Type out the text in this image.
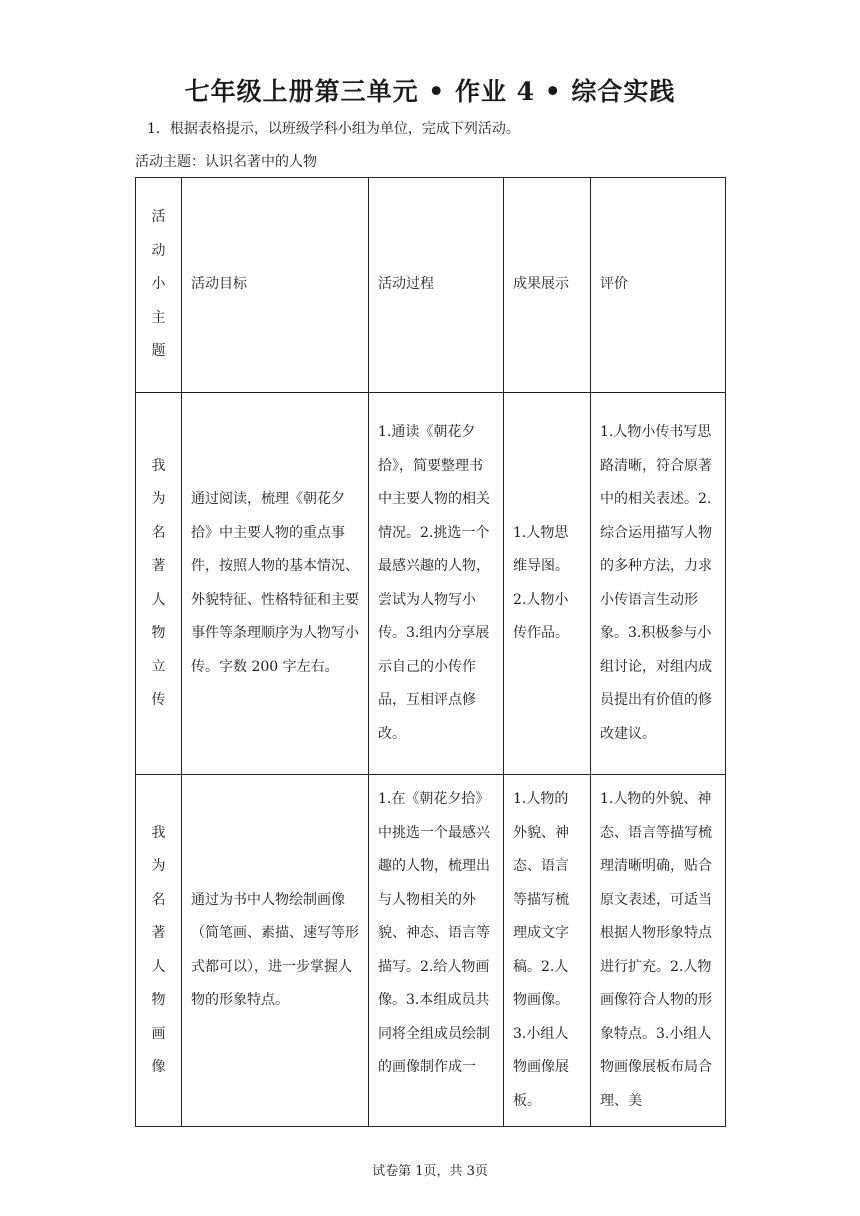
七年级上册第三单元 • 作业 4 • 综合实践
1．根据表格提示，以班级学科小组为单位，完成下列活动。
活动主题：认识名著中的人物
活动小主题	活动目标	活动过程	成果展示	评价

我为名著人物立传	通过阅读，梳理《朝花夕拾》中主要人物的重点事件，按照人物的基本情况、外貌特征、性格特征和主要事件等条理顺序为人物写小传。字数 200 字左右。	1.通读《朝花夕拾》，简要整理书中主要人物的相关情况。2.挑选一个最感兴趣的人物，尝试为人物写小传。3.组内分享展示自己的小传作品，互相评点修改。	1.人物思维导图。2.人物小传作品。	1.人物小传书写思路清晰，符合原著中的相关表述。2.综合运用描写人物的多种方法，力求小传语言生动形象。3.积极参与小组讨论，对组内成员提出有价值的修改建议。

我为名著人物画像	通过为书中人物绘制画像（简笔画、素描、速写等形式都可以），进一步掌握人物的形象特点。	1.在《朝花夕拾》中挑选一个最感兴趣的人物，梳理出与人物相关的外貌、神态、语言等描写。2.给人物画像。3.本组成员共同将全组成员绘制的画像制作成一	1.人物的外貌、神态、语言等描写梳理成文字稿。2.人物画像。3.小组人物画像展板。	1.人物的外貌、神态、语言等描写梳理清晰明确，贴合原文表述，可适当根据人物形象特点进行扩充。2.人物画像符合人物的形象特点。3.小组人物画像展板布局合理、美
试卷第 1页，共 3页
